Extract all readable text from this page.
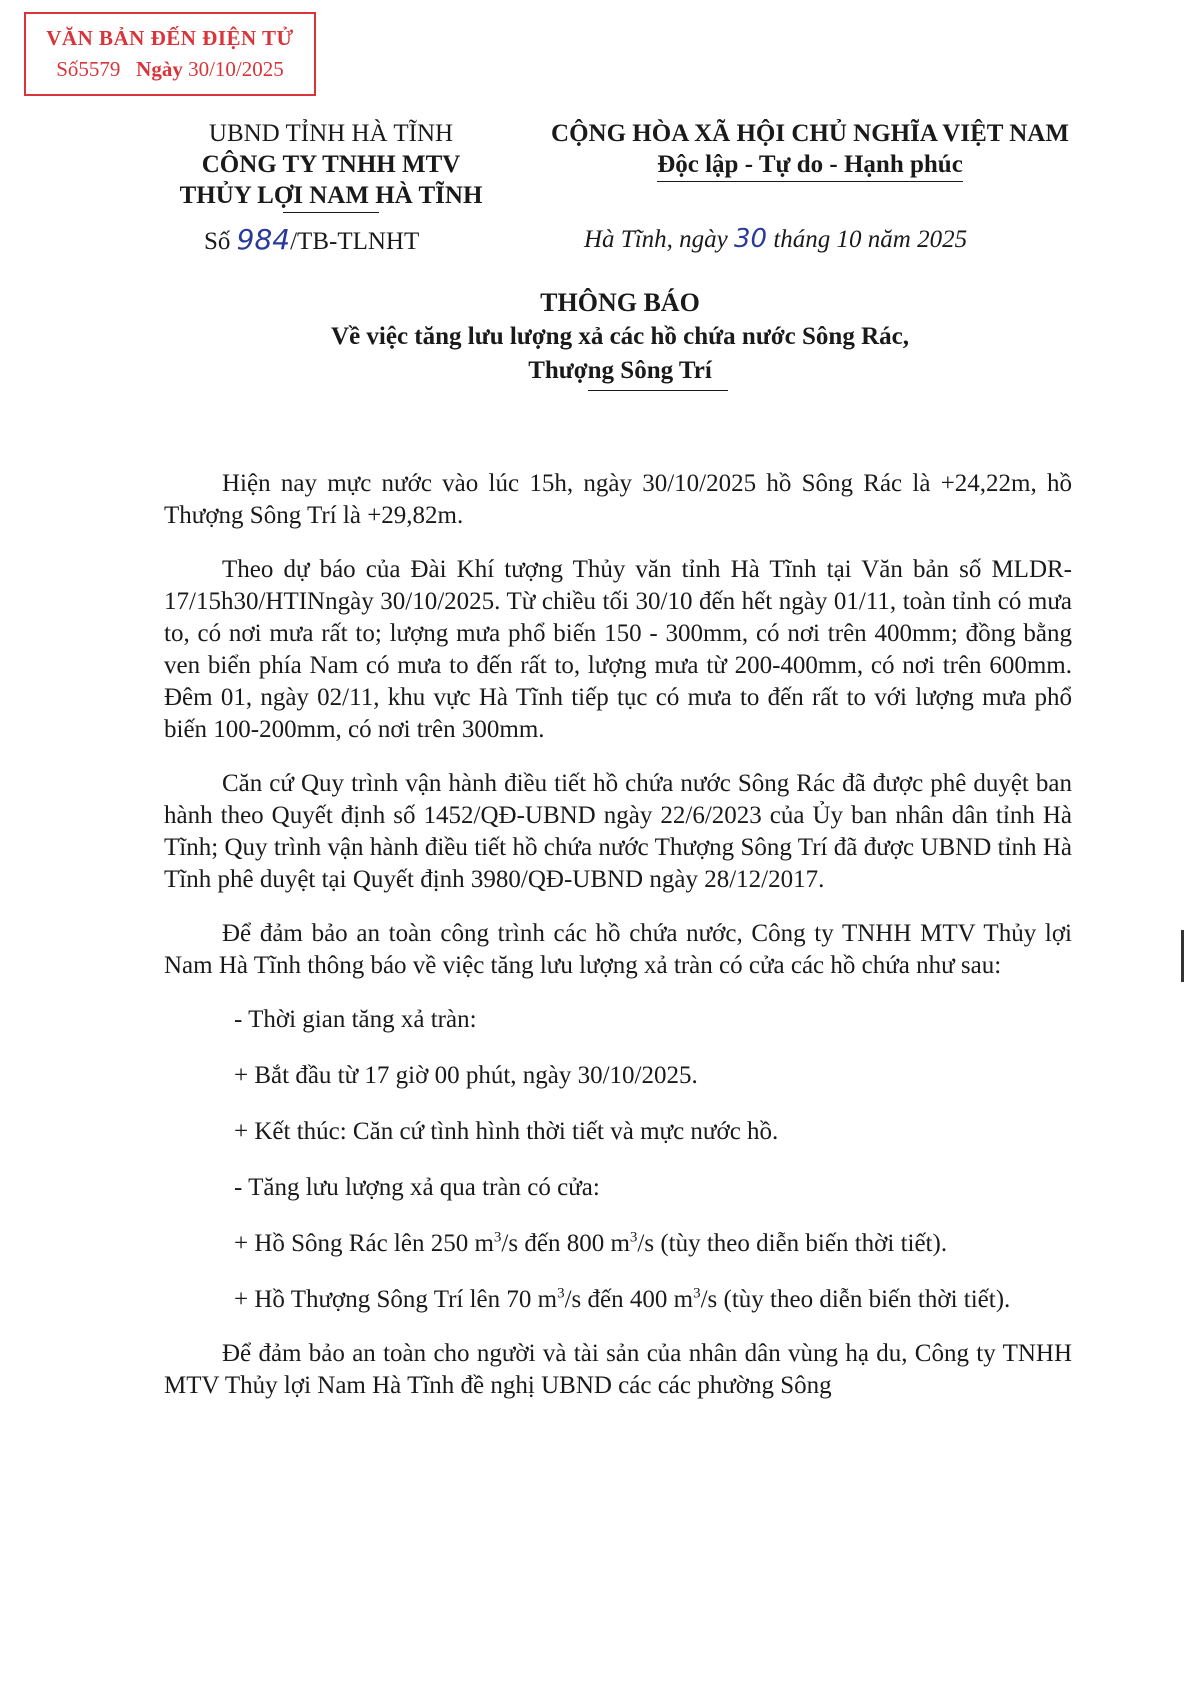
VĂN BẢN ĐẾN ĐIỆN TỬ
Số5579 Ngày 30/10/2025
UBND TỈNH HÀ TĨNH
CÔNG TY TNHH MTV
THỦY LỢI NAM HÀ TĨNH
CỘNG HÒA XÃ HỘI CHỦ NGHĨA VIỆT NAM
Độc lập - Tự do - Hạnh phúc
Số 984/TB-TLNHT	Hà Tĩnh, ngày 30 tháng 10 năm 2025
THÔNG BÁO
Về việc tăng lưu lượng xả các hồ chứa nước Sông Rác,
Thượng Sông Trí

Hiện nay mực nước vào lúc 15h, ngày 30/10/2025 hồ Sông Rác là +24,22m, hồ Thượng Sông Trí là +29,82m.

Theo dự báo của Đài Khí tượng Thủy văn tỉnh Hà Tĩnh tại Văn bản số MLDR-17/15h30/HTINngày 30/10/2025. Từ chiều tối 30/10 đến hết ngày 01/11, toàn tỉnh có mưa to, có nơi mưa rất to; lượng mưa phổ biến 150 - 300mm, có nơi trên 400mm; đồng bằng ven biển phía Nam có mưa to đến rất to, lượng mưa từ 200-400mm, có nơi trên 600mm. Đêm 01, ngày 02/11, khu vực Hà Tĩnh tiếp tục có mưa to đến rất to với lượng mưa phổ biến 100-200mm, có nơi trên 300mm.

Căn cứ Quy trình vận hành điều tiết hồ chứa nước Sông Rác đã được phê duyệt ban hành theo Quyết định số 1452/QĐ-UBND ngày 22/6/2023 của Ủy ban nhân dân tỉnh Hà Tĩnh; Quy trình vận hành điều tiết hồ chứa nước Thượng Sông Trí đã được UBND tỉnh Hà Tĩnh phê duyệt tại Quyết định 3980/QĐ-UBND ngày 28/12/2017.

Để đảm bảo an toàn công trình các hồ chứa nước, Công ty TNHH MTV Thủy lợi Nam Hà Tĩnh thông báo về việc tăng lưu lượng xả tràn có cửa các hồ chứa như sau:

- Thời gian tăng xả tràn:

+ Bắt đầu từ 17 giờ 00 phút, ngày 30/10/2025.

+ Kết thúc: Căn cứ tình hình thời tiết và mực nước hồ.

- Tăng lưu lượng xả qua tràn có cửa:

+ Hồ Sông Rác lên 250 $m^3/s$ đến 800 $m^3/s$ (tùy theo diễn biến thời tiết).

+ Hồ Thượng Sông Trí lên 70 $m^3/s$ đến 400 $m^3/s$ (tùy theo diễn biến thời tiết).

Để đảm bảo an toàn cho người và tài sản của nhân dân vùng hạ du, Công ty TNHH MTV Thủy lợi Nam Hà Tĩnh đề nghị UBND các các phường Sông
